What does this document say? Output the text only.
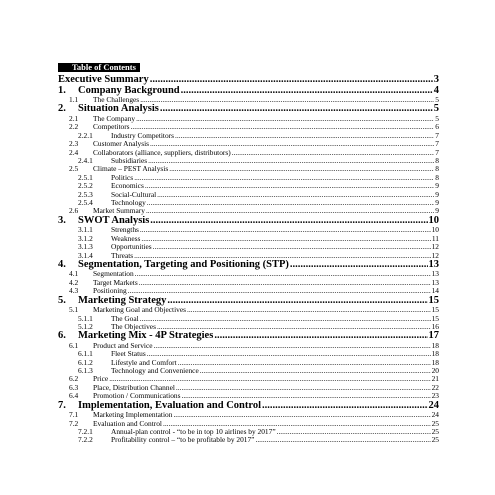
Table of Contents
Executive Summary .....	3
1.	Company Background .....	4
1.1	The Challenges .....	5
2.	Situation Analysis .....	5
2.1	The Company .....	5
2.2	Competitors .....	6
2.2.1	Industry Competitors .....	7
2.3	Customer Analysis .....	7
2.4	Collaborators (alliance, suppliers, distributors) .....	7
2.4.1	Subsidiaries .....	8
2.5	Climate – PEST Analysis .....	8
2.5.1	Politics .....	8
2.5.2	Economics .....	9
2.5.3	Social-Cultural .....	9
2.5.4	Technology .....	9
2.6	Market Summary .....	9
3.	SWOT Analysis .....	10
3.1.1	Strengths .....	10
3.1.2	Weakness .....	11
3.1.3	Opportunities .....	12
3.1.4	Threats .....	12
4.	Segmentation, Targeting and Positioning (STP) .....	13
4.1	Segmentation .....	13
4.2	Target Markets .....	13
4.3	Positioning .....	14
5.	Marketing Strategy .....	15
5.1	Marketing Goal and Objectives .....	15
5.1.1	The Goal .....	15
5.1.2	The Objectives .....	16
6.	Marketing Mix - 4P Strategies .....	17
6.1	Product and Service .....	18
6.1.1	Fleet Status .....	18
6.1.2	Lifestyle and Comfort .....	18
6.1.3	Technology and Convenience .....	20
6.2	Price .....	21
6.3	Place, Distribution Channel .....	22
6.4	Promotion / Communications .....	23
7.	Implementation, Evaluation and Control .....	24
7.1	Marketing Implementation .....	24
7.2	Evaluation and Control .....	25
7.2.1	Annual-plan control - “to be in top 10 airlines by 2017” .....	25
7.2.2	Profitability control – “to be profitable by 2017” .....	25
